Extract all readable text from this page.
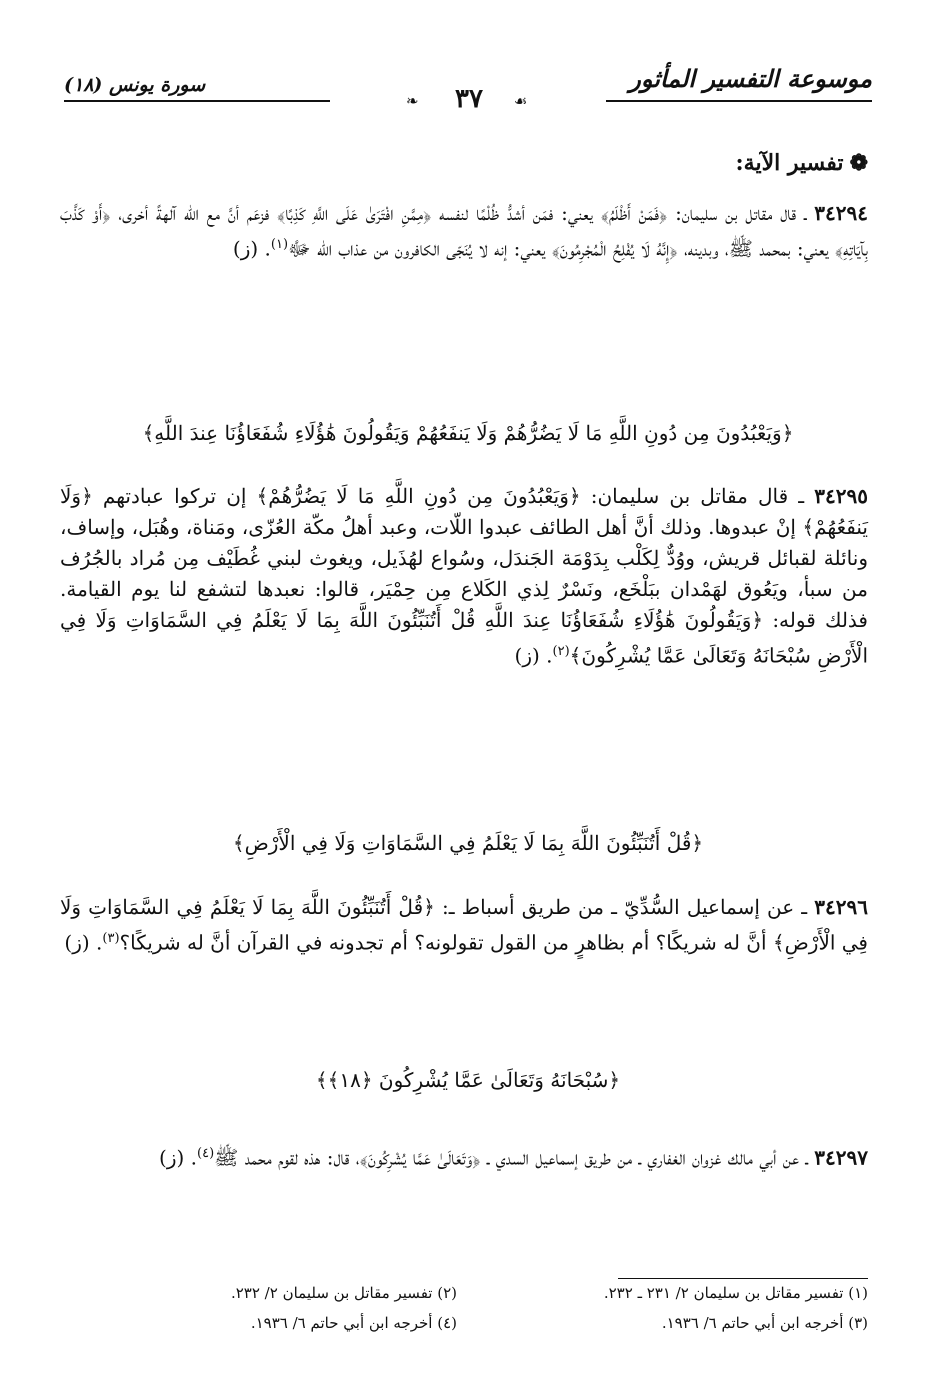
موسوعة التفسير المأثور
سورة يونس (١٨)
❧	٣٧	☙
❁تفسير الآية:
٣٤٢٩٤ ـ قال مقاتل بن سليمان: ﴿فَمَنْ أَظْلَمُ﴾ يعني: فمَن أشدُّ ظُلْمًا لنفسه ﴿مِمَّنِ افْتَرَىٰ عَلَى اللَّهِ كَذِبًا﴾ فزعَم أنَّ مع الله آلهةً أخرى، ﴿أَوْ كَذَّبَ بِآيَاتِهِ﴾ يعني: بمحمد ﷺ، وبدينه، ﴿إِنَّهُ لَا يُفْلِحُ الْمُجْرِمُونَ﴾ يعني: إنه لا يُنَجّى الكافرون من عذاب الله ﷻ$^{(١)}$. (ز)
﴿وَيَعْبُدُونَ مِن دُونِ اللَّهِ مَا لَا يَضُرُّهُمْ وَلَا يَنفَعُهُمْ وَيَقُولُونَ هَٰؤُلَاءِ شُفَعَاؤُنَا عِندَ اللَّهِ﴾
٣٤٢٩٥ ـ قال مقاتل بن سليمان: ﴿وَيَعْبُدُونَ مِن دُونِ اللَّهِ مَا لَا يَضُرُّهُمْ﴾ إن تركوا عبادتهم ﴿وَلَا يَنفَعُهُمْ﴾ إنْ عبدوها. وذلك أنَّ أهل الطائف عبدوا اللّات، وعبد أهلُ مكّة العُزّى، ومَناة، وهُبَل، وإساف، ونائلة لقبائل قريش، ووُدٌّ لِكَلْب بِدَوْمَة الجَندَل، وسُواع لهُذَيل، ويغوث لبني غُطَيْف مِن مُراد بالجُرُف من سبأ، ويَعُوق لهَمْدان ببَلْخَع، ونَسْرٌ لِذي الكَلاع مِن حِمْيَر، قالوا: نعبدها لتشفع لنا يوم القيامة. فذلك قوله: ﴿وَيَقُولُونَ هَٰؤُلَاءِ شُفَعَاؤُنَا عِندَ اللَّهِ قُلْ أَتُنَبِّئُونَ اللَّهَ بِمَا لَا يَعْلَمُ فِي السَّمَاوَاتِ وَلَا فِي الْأَرْضِ سُبْحَانَهُ وَتَعَالَىٰ عَمَّا يُشْرِكُونَ﴾$^{(٢)}$. (ز)
﴿قُلْ أَتُنَبِّئُونَ اللَّهَ بِمَا لَا يَعْلَمُ فِي السَّمَاوَاتِ وَلَا فِي الْأَرْضِ﴾
٣٤٢٩٦ ـ عن إسماعيل السُّدِّيّ ـ من طريق أسباط ـ: ﴿قُلْ أَتُنَبِّئُونَ اللَّهَ بِمَا لَا يَعْلَمُ فِي السَّمَاوَاتِ وَلَا فِي الْأَرْضِ﴾ أنَّ له شريكًا؟ أم بظاهرٍ من القول تقولونه؟ أم تجدونه في القرآن أنَّ له شريكًا؟$^{(٣)}$. (ز)
﴿سُبْحَانَهُ وَتَعَالَىٰ عَمَّا يُشْرِكُونَ ﴿١٨﴾﴾
٣٤٢٩٧ ـ عن أبي مالك غزوان الغفاري ـ من طريق إسماعيل السدي ـ ﴿وَتَعَالَىٰ عَمَّا يُشْرِكُونَ﴾، قال: هذه لقوم محمد ﷺ$^{(٤)}$. (ز)
(١) تفسير مقاتل بن سليمان ٢/ ٢٣١ ـ ٢٣٢.
(٢) تفسير مقاتل بن سليمان ٢/ ٢٣٢.
(٣) أخرجه ابن أبي حاتم ٦/ ١٩٣٦.
(٤) أخرجه ابن أبي حاتم ٦/ ١٩٣٦.
